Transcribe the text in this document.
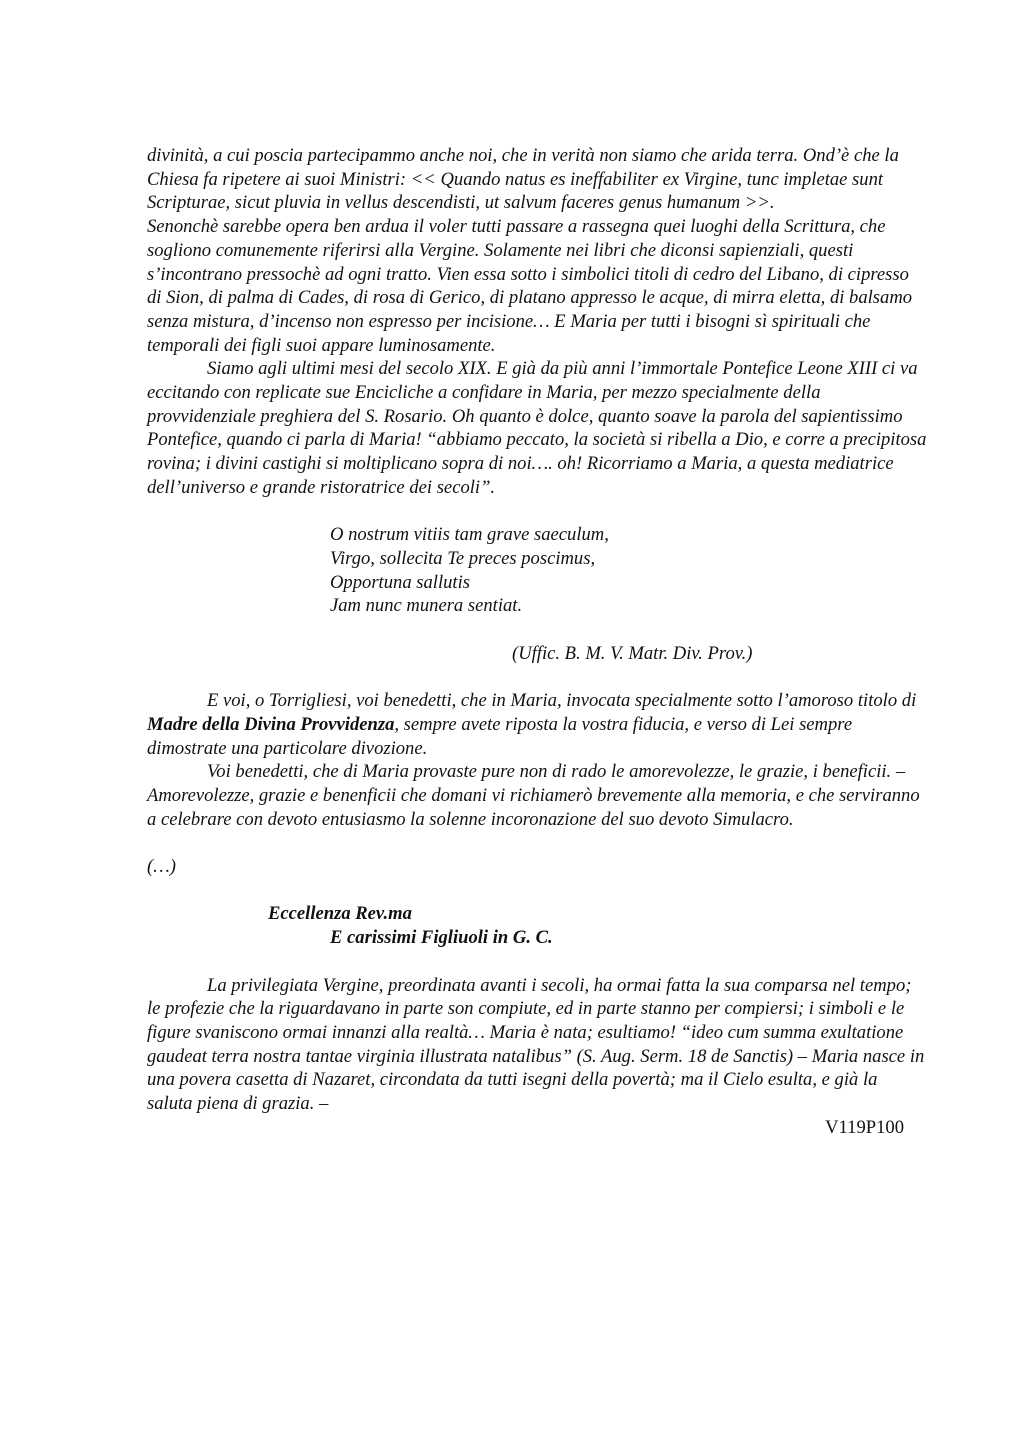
divinità, a cui poscia partecipammo anche noi, che in verità non siamo che arida terra. Ond’è che la Chiesa fa ripetere ai suoi Ministri: << Quando natus es ineffabiliter ex Virgine, tunc impletae sunt Scripturae, sicut pluvia in vellus descendisti, ut salvum faceres genus humanum >>.

Senonchè sarebbe opera ben ardua il voler tutti passare a rassegna quei luoghi della Scrittura, che sogliono comunemente riferirsi alla Vergine. Solamente nei libri che diconsi sapienziali, questi s’incontrano pressochè ad ogni tratto. Vien essa sotto i simbolici titoli di cedro del Libano, di cipresso di Sion, di palma di Cades, di rosa di Gerico, di platano appresso le acque, di mirra eletta, di balsamo senza mistura, d’incenso non espresso per incisione… E Maria per tutti i bisogni sì spirituali che temporali dei figli suoi appare luminosamente.

Siamo agli ultimi mesi del secolo XIX. E già da più anni l’immortale Pontefice Leone XIII ci va eccitando con replicate sue Encicliche a confidare in Maria, per mezzo specialmente della provvidenziale preghiera del S. Rosario. Oh quanto è dolce, quanto soave la parola del sapientissimo Pontefice, quando ci parla di Maria! “abbiamo peccato, la società si ribella a Dio, e corre a precipitosa rovina; i divini castighi si moltiplicano sopra di noi…. oh! Ricorriamo a Maria, a questa mediatrice dell’universo e grande ristoratrice dei secoli”.

O nostrum vitiis tam grave saeculum,
Virgo, sollecita Te preces poscimus,
Opportuna sallutis
Jam nunc munera sentiat.

(Uffic. B. M. V. Matr. Div. Prov.)

E voi, o Torrigliesi, voi benedetti, che in Maria, invocata specialmente sotto l’amoroso titolo di Madre della Divina Provvidenza, sempre avete riposta la vostra fiducia, e verso di Lei sempre dimostrate una particolare divozione.

Voi benedetti, che di Maria provaste pure non di rado le amorevolezze, le grazie, i beneficii. – Amorevolezze, grazie e benenficii che domani vi richiamerò brevemente alla memoria, e che serviranno a celebrare con devoto entusiasmo la solenne incoronazione del suo devoto Simulacro.

(…)

Eccellenza Rev.ma

E carissimi Figliuoli in G. C.

La privilegiata Vergine, preordinata avanti i secoli, ha ormai fatta la sua comparsa nel tempo; le profezie che la riguardavano in parte son compiute, ed in parte stanno per compiersi; i simboli e le figure svaniscono ormai innanzi alla realtà… Maria è nata; esultiamo! “ideo cum summa exultatione gaudeat terra nostra tantae virginia illustrata natalibus” (S. Aug. Serm. 18 de Sanctis) – Maria nasce in una povera casetta di Nazaret, circondata da tutti isegni della povertà; ma il Cielo esulta, e già la saluta piena di grazia. –

V119P100
